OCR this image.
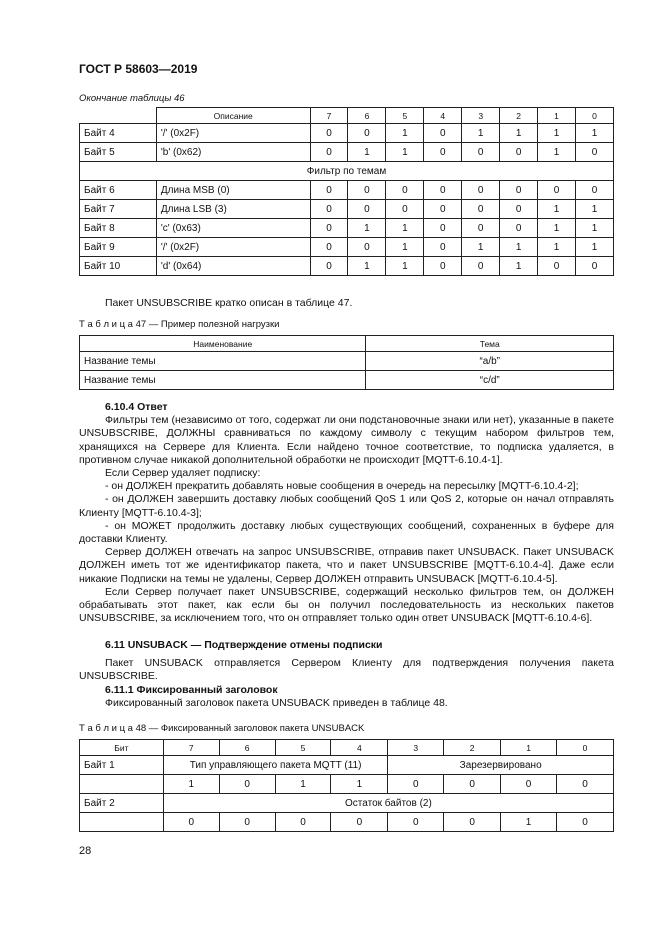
ГОСТ Р 58603—2019
Окончание таблицы 46
	Описание	7	6	5	4	3	2	1	0
Байт 4	'/' (0x2F)	0	0	1	0	1	1	1	1
Байт 5	'b' (0x62)	0	1	1	0	0	0	1	0
Фильтр по темам									
Байт 6	Длина MSB (0)	0	0	0	0	0	0	0	0
Байт 7	Длина LSB (3)	0	0	0	0	0	0	1	1
Байт 8	'c' (0x63)	0	1	1	0	0	0	1	1
Байт 9	'/' (0x2F)	0	0	1	0	1	1	1	1
Байт 10	'd' (0x64)	0	1	1	0	0	1	0	0

Пакет UNSUBSCRIBE кратко описан в таблице 47.

Т а б л и ц а 47 — Пример полезной нагрузки
Наименование	Тема
Название темы	“a/b”
Название темы	“c/d”
6.10.4 Ответ

Фильтры тем (независимо от того, содержат ли они подстановочные знаки или нет), указанные в пакете UNSUBSCRIBE, ДОЛЖНЫ сравниваться по каждому символу с текущим набором фильтров тем, хранящихся на Сервере для Клиента. Если найдено точное соответствие, то подписка удаляется, в противном случае никакой дополнительной обработки не происходит [MQTT-6.10.4-1].

Если Сервер удаляет подписку:

- он ДОЛЖЕН прекратить добавлять новые сообщения в очередь на пересылку [MQTT-6.10.4-2];

- он ДОЛЖЕН завершить доставку любых сообщений QoS 1 или QoS 2, которые он начал отправлять Клиенту [MQTT-6.10.4-3];

- он МОЖЕТ продолжить доставку любых существующих сообщений, сохраненных в буфере для доставки Клиенту.

Сервер ДОЛЖЕН отвечать на запрос UNSUBSCRIBE, отправив пакет UNSUBACK. Пакет UNSUBACK ДОЛЖЕН иметь тот же идентификатор пакета, что и пакет UNSUBSCRIBE [MQTT-6.10.4-4]. Даже если никакие Подписки на темы не удалены, Сервер ДОЛЖЕН отправить UNSUBACK [MQTT-6.10.4-5].

Если Сервер получает пакет UNSUBSCRIBE, содержащий несколько фильтров тем, он ДОЛЖЕН обрабатывать этот пакет, как если бы он получил последовательность из нескольких пакетов UNSUBSCRIBE, за исключением того, что он отправляет только один ответ UNSUBACK [MQTT-6.10.4-6].

6.11 UNSUBACK — Подтверждение отмены подписки

Пакет UNSUBACK отправляется Сервером Клиенту для подтверждения получения пакета UNSUBSCRIBE.

6.11.1 Фиксированный заголовок

Фиксированный заголовок пакета UNSUBACK приведен в таблице 48.

Т а б л и ц а 48 — Фиксированный заголовок пакета UNSUBACK
Бит	7	6	5	4	3	2	1	0
Байт 1	Тип управляющего пакета MQTT (11)				Зарезервировано			
	1	0	1	1	0	0	0	0
Байт 2	Остаток байтов (2)							
	0	0	0	0	0	0	1	0
28
